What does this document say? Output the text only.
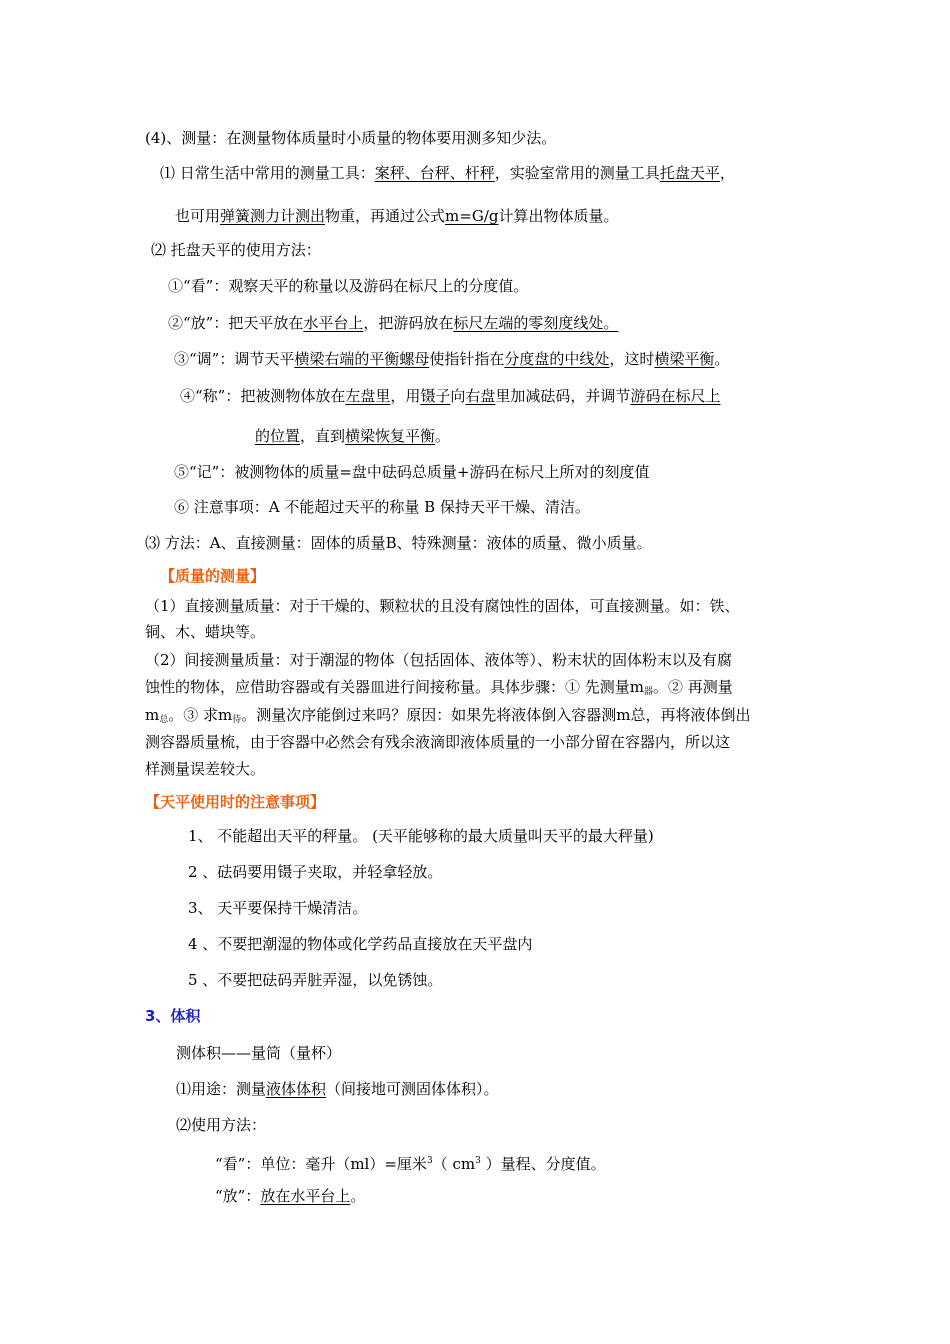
(4)、测量：在测量物体质量时小质量的物体要用测多知少法。
⑴ 日常生活中常用的测量工具：案秤、台秤、杆秤，实验室常用的测量工具托盘天平，
也可用弹簧测力计测出物重，再通过公式m=G/g计算出物体质量。
⑵ 托盘天平的使用方法：
①“看”：观察天平的称量以及游码在标尺上的分度值。
②“放”：把天平放在水平台上，把游码放在标尺左端的零刻度线处。
③“调”：调节天平横梁右端的平衡螺母使指针指在分度盘的中线处，这时横梁平衡。
④“称”：把被测物体放在左盘里，用镊子向右盘里加减砝码，并调节游码在标尺上
的位置，直到横梁恢复平衡。
⑤“记”：被测物体的质量=盘中砝码总质量+游码在标尺上所对的刻度值
⑥ 注意事项：A 不能超过天平的称量 B 保持天平干燥、清洁。
⑶ 方法：A、直接测量：固体的质量B、特殊测量：液体的质量、微小质量。
【质量的测量】
（1）直接测量质量：对于干燥的、颗粒状的且没有腐蚀性的固体，可直接测量。如：铁、
铜、木、蜡块等。
（2）间接测量质量：对于潮湿的物体（包括固体、液体等）、粉末状的固体粉末以及有腐
蚀性的物体，应借助容器或有关器皿进行间接称量。具体步骤：① 先测量$m_器$。② 再测量
$m_总$。③ 求$m_待$。测量次序能倒过来吗？原因：如果先将液体倒入容器测m总，再将液体倒出
测容器质量梳，由于容器中必然会有残余液滴即液体质量的一小部分留在容器内，所以这
样测量误差较大。
【天平使用时的注意事项】
1、 不能超出天平的秤量。 (天平能够称的最大质量叫天平的最大秤量)
2 、砝码要用镊子夹取，并轻拿轻放。
3、 天平要保持干燥清洁。
4 、不要把潮湿的物体或化学药品直接放在天平盘内
5 、不要把砝码弄脏弄湿，以免锈蚀。
3、体积
测体积——量筒（量杯）
⑴用途：测量液体体积（间接地可测固体体积）。
⑵使用方法：
“看”：单位：毫升（ml）=厘米$^3$（ $cm^3$ ）量程、分度值。
“放”：放在水平台上。
